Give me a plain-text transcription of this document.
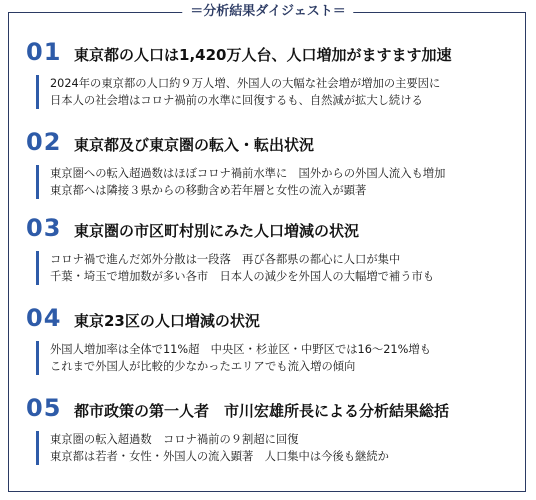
＝分析結果ダイジェスト＝
01 東京都の人口は1,420万人台、人口増加がますます加速
2024年の東京都の人口約９万人増、外国人の大幅な社会増が増加の主要因に
日本人の社会増はコロナ禍前の水準に回復するも、自然減が拡大し続ける
02 東京都及び東京圏の転入・転出状況
東京圏への転入超過数はほぼコロナ禍前水準に　国外からの外国人流入も増加
東京都へは隣接３県からの移動含め若年層と女性の流入が顕著
03 東京圏の市区町村別にみた人口増減の状況
コロナ禍で進んだ郊外分散は一段落　再び各都県の都心に人口が集中
千葉・埼玉で増加数が多い各市　日本人の減少を外国人の大幅増で補う市も
04 東京23区の人口増減の状況
外国人増加率は全体で11%超　中央区・杉並区・中野区では16〜21%増も
これまで外国人が比較的少なかったエリアでも流入増の傾向
05 都市政策の第一人者　市川宏雄所長による分析結果総括
東京圏の転入超過数　コロナ禍前の９割超に回復
東京都は若者・女性・外国人の流入顕著　人口集中は今後も継続か
